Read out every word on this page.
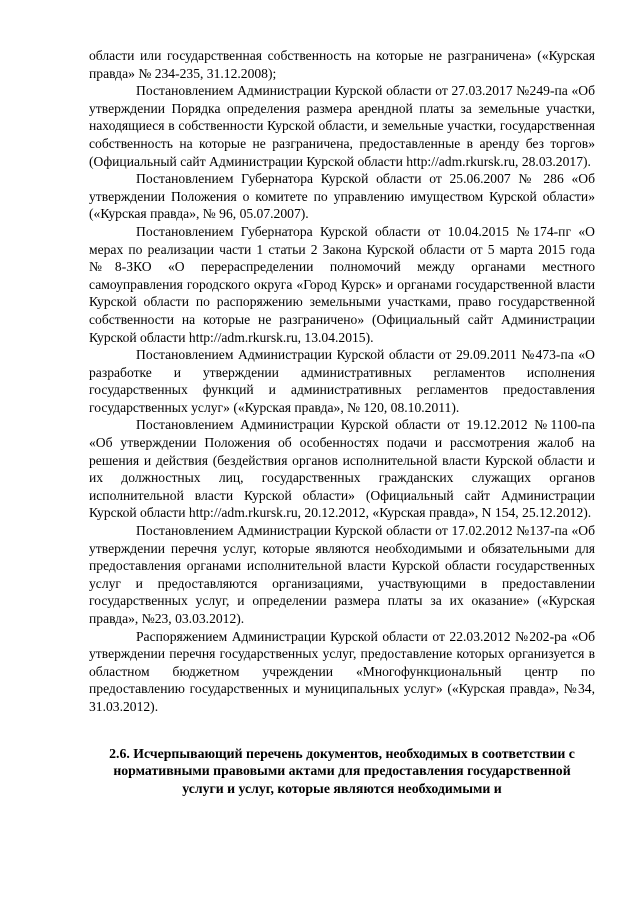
области или государственная собственность на которые не разграничена» («Курская правда» № 234-235, 31.12.2008);

Постановлением Администрации Курской области от 27.03.2017 №249-па «Об утверждении Порядка определения размера арендной платы за земельные участки, находящиеся в собственности Курской области, и земельные участки, государственная собственность на которые не разграничена, предоставленные в аренду без торгов» (Официальный сайт Администрации Курской области http://adm.rkursk.ru, 28.03.2017).

Постановлением Губернатора Курской области от 25.06.2007 № 286 «Об утверждении Положения о комитете по управлению имуществом Курской области» («Курская правда», № 96, 05.07.2007).

Постановлением Губернатора Курской области от 10.04.2015 №174-пг «О мерах по реализации части 1 статьи 2 Закона Курской области от 5 марта 2015 года №8-ЗКО «О перераспределении полномочий между органами местного самоуправления городского округа «Город Курск» и органами государственной власти Курской области по распоряжению земельными участками, право государственной собственности на которые не разграничено» (Официальный сайт Администрации Курской области http://adm.rkursk.ru, 13.04.2015).

Постановлением Администрации Курской области от 29.09.2011 №473-па «О разработке и утверждении административных регламентов исполнения государственных функций и административных регламентов предоставления государственных услуг» («Курская правда», № 120, 08.10.2011).

Постановлением Администрации Курской области от 19.12.2012 №1100-па «Об утверждении Положения об особенностях подачи и рассмотрения жалоб на решения и действия (бездействия органов исполнительной власти Курской области и их должностных лиц, государственных гражданских служащих органов исполнительной власти Курской области» (Официальный сайт Администрации Курской области http://adm.rkursk.ru, 20.12.2012, «Курская правда», N 154, 25.12.2012).

Постановлением Администрации Курской области от 17.02.2012 №137-па «Об утверждении перечня услуг, которые являются необходимыми и обязательными для предоставления органами исполнительной власти Курской области государственных услуг и предоставляются организациями, участвующими в предоставлении государственных услуг, и определении размера платы за их оказание» («Курская правда», №23, 03.03.2012).

Распоряжением Администрации Курской области от 22.03.2012 №202-ра «Об утверждении перечня государственных услуг, предоставление которых организуется в областном бюджетном учреждении «Многофункциональный центр по предоставлению государственных и муниципальных услуг» («Курская правда», №34, 31.03.2012).

2.6. Исчерпывающий перечень документов, необходимых в соответствии с нормативными правовыми актами для предоставления государственной услуги и услуг, которые являются необходимыми и
